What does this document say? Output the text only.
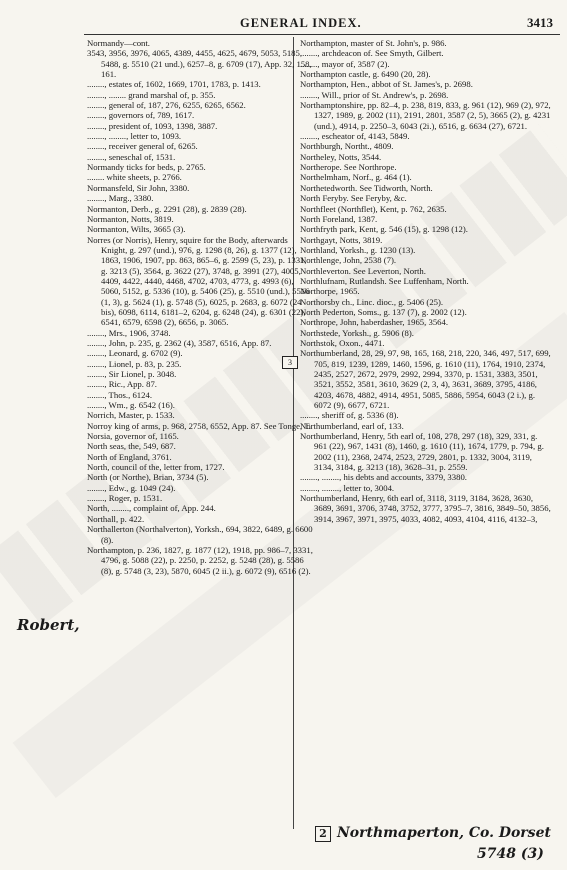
GENERAL INDEX.	3413

Normandy—cont.

3543, 3956, 3976, 4065, 4389, 4455, 4625, 4679, 5053, 5185, 5488, g. 5510 (21 und.), 6257–8, g. 6709 (17), App. 32, 158, 161.

........, estates of, 1602, 1669, 1701, 1783, p. 1413.

........, ........ grand marshal of, p. 355.

........, general of, 187, 276, 6255, 6265, 6562.

........, governors of, 789, 1617.

........, president of, 1093, 1398, 3887.

........, ........, letter to, 1093.

........, receiver general of, 6265.

........, seneschal of, 1531.

Normandy ticks for beds, p. 2765.

........ white sheets, p. 2766.

Normansfeld, Sir John, 3380.

........, Marg., 3380.

Normanton, Derb., g. 2291 (28), g. 2839 (28).

Normanton, Notts, 3819.

Normanton, Wilts, 3665 (3).

Norres (or Norris), Henry, squire for the Body, afterwards Knight, g. 297 (und.), 976, g. 1298 (8, 26), g. 1377 (12), 1863, 1906, 1907, pp. 863, 865–6, g. 2599 (5, 23), p. 1331, g. 3213 (5), 3564, g. 3622 (27), 3748, g. 3991 (27), 4005, 4409, 4422, 4440, 4468, 4702, 4703, 4773, g. 4993 (6), 5060, 5152, g. 5336 (10), g. 5406 (25), g. 5510 (und.), 5516 (1, 3), g. 5624 (1), g. 5748 (5), 6025, p. 2683, g. 6072 (24 bis), 6098, 6114, 6181–2, 6204, g. 6248 (24), g. 6301 (22), 6541, 6579, 6598 (2), 6656, p. 3065.

........, Mrs., 1906, 3748.

........, John, p. 235, g. 2362 (4), 3587, 6516, App. 87.

........, Leonard, g. 6702 (9).

........, Lionel, p. 83, p. 235.

........, Sir Lionel, p. 3048.

........, Ric., App. 87.

........, Thos., 6124.

........, Wm., g. 6542 (16).

Norrich, Master, p. 1533.

Norroy king of arms, p. 968, 2758, 6552, App. 87. See Tonge, T.

Norsia, governor of, 1165.

North seas, the, 549, 687.

North of England, 3761.

North, council of the, letter from, 1727.

North (or Northe), Brian, 3734 (5).

........, Edw., g. 1049 (24).

........, Roger, p. 1531.

North, ........, complaint of, App. 244.

Northall, p. 422.

Northallerton (Northalverton), Yorksh., 694, 3822, 6489, g. 6600 (8).

Northampton, p. 236, 1827, g. 1877 (12), 1918, pp. 986–7, 3331, 4796, g. 5088 (22), p. 2250, p. 2252, g. 5248 (28), g. 5586 (8), g. 5748 (3, 23), 5870, 6045 (2 ii.), g. 6072 (9), 6516 (2).

Northampton, master of St. John's, p. 986.

........, archdeacon of. See Smyth, Gilbert.

........, mayor of, 3587 (2).

Northampton castle, g. 6490 (20, 28).

Northampton, Hen., abbot of St. James's, p. 2698.

........, Will., prior of St. Andrew's, p. 2698.

Northamptonshire, pp. 82–4, p. 238, 819, 833, g. 961 (12), 969 (2), 972, 1327, 1989, g. 2002 (11), 2191, 2801, 3587 (2, 5), 3665 (2), g. 4231 (und.), 4914, p. 2250–3, 6043 (2i.), 6516, g. 6634 (27), 6721.

........, escheator of, 4143, 5849.

Northburgh, Northt., 4809.

Northeley, Notts, 3544.

Northerope. See Northrope.

Northelmham, Norf., g. 464 (1).

Northetedworth. See Tidworth, North.

North Feryby. See Feryby, &c.

Northfleet (Northflet), Kent, p. 762, 2635.

North Foreland, 1387.

Northfryth park, Kent, g. 546 (15), g. 1298 (12).

Northgayt, Notts, 3819.

Northland, Yorksh., g. 1230 (13).

Northlenge, John, 2538 (7).

Northleverton. See Leverton, North.

Northlufnam, Rutlandsh. See Luffenham, North.

Northorpe, 1965.

Northorsby ch., Linc. dioc., g. 5406 (25).

North Pederton, Soms., g. 137 (7), g. 2002 (12).

Northrope, John, haberdasher, 1965, 3564.

Northstede, Yorksh., g. 5906 (8).

Northstok, Oxon., 4471.

Northumberland, 28, 29, 97, 98, 165, 168, 218, 220, 346, 497, 517, 699, 705, 819, 1239, 1289, 1460, 1596, g. 1610 (11), 1764, 1910, 2374, 2435, 2527, 2672, 2979, 2992, 2994, 3370, p. 1531, 3383, 3501, 3521, 3552, 3581, 3610, 3629 (2, 3, 4), 3631, 3689, 3795, 4186, 4203, 4678, 4882, 4914, 4951, 5085, 5886, 5954, 6043 (2 i.), g. 6072 (9), 6677, 6721.

........, sheriff of, g. 5336 (8).

Northumberland, earl of, 133.

Northumberland, Henry, 5th earl of, 108, 278, 297 (18), 329, 331, g. 961 (22), 967, 1431 (8), 1460, g. 1610 (11), 1674, 1779, p. 794, g. 2002 (11), 2368, 2474, 2523, 2729, 2801, p. 1332, 3004, 3119, 3134, 3184, g. 3213 (18), 3628–31, p. 2559.

........, ........, his debts and accounts, 3379, 3380.

........, ........, letter to, 3004.

Northumberland, Henry, 6th earl of, 3118, 3119, 3184, 3628, 3630, 3689, 3691, 3706, 3748, 3752, 3777, 3795–7, 3816, 3849–50, 3856, 3914, 3967, 3971, 3975, 4033, 4082, 4093, 4104, 4116, 4132–3,

Robert,
3
2 Northmaperton, Co. Dorset
5748 (3)
